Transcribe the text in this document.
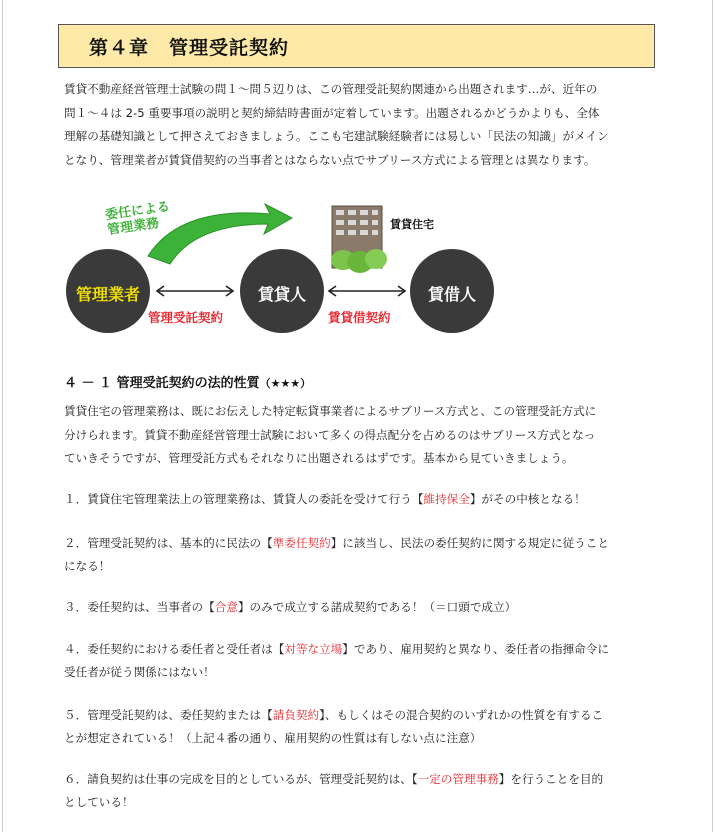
第４章　管理受託契約
賃貸不動産経営管理士試験の問１～問５辺りは、この管理受託契約関連から出題されます…が、近年の
問１～４は 2-5 重要事項の説明と契約締結時書面が定着しています。出題されるかどうかよりも、全体
理解の基礎知識として押さえておきましょう。ここも宅建試験経験者には易しい「民法の知識」がメイン
となり、管理業者が賃貸借契約の当事者とはならない点でサブリース方式による管理とは異なります。
委任による
管理業務	賃貸住宅
管理業者	賃貸人	賃借人
管理受託契約	賃貸借契約
４ － １ 管理受託契約の法的性質（★★★）
賃貸住宅の管理業務は、既にお伝えした特定転貸事業者によるサブリース方式と、この管理受託方式に
分けられます。賃貸不動産経営管理士試験において多くの得点配分を占めるのはサブリース方式となっ
ていきそうですが、管理受託方式もそれなりに出題されるはずです。基本から見ていきましょう。
１．賃貸住宅管理業法上の管理業務は、賃貸人の委託を受けて行う【維持保全】がその中核となる！
２．管理受託契約は、基本的に民法の【準委任契約】に該当し、民法の委任契約に関する規定に従うこと
になる！
３．委任契約は、当事者の【合意】のみで成立する諾成契約である！（＝口頭で成立）
４．委任契約における委任者と受任者は【対等な立場】であり、雇用契約と異なり、委任者の指揮命令に
受任者が従う関係にはない！
５．管理受託契約は、委任契約または【請負契約】、もしくはその混合契約のいずれかの性質を有するこ
とが想定されている！（上記４番の通り、雇用契約の性質は有しない点に注意）
６．請負契約は仕事の完成を目的としているが、管理受託契約は、【一定の管理事務】を行うことを目的
としている！
